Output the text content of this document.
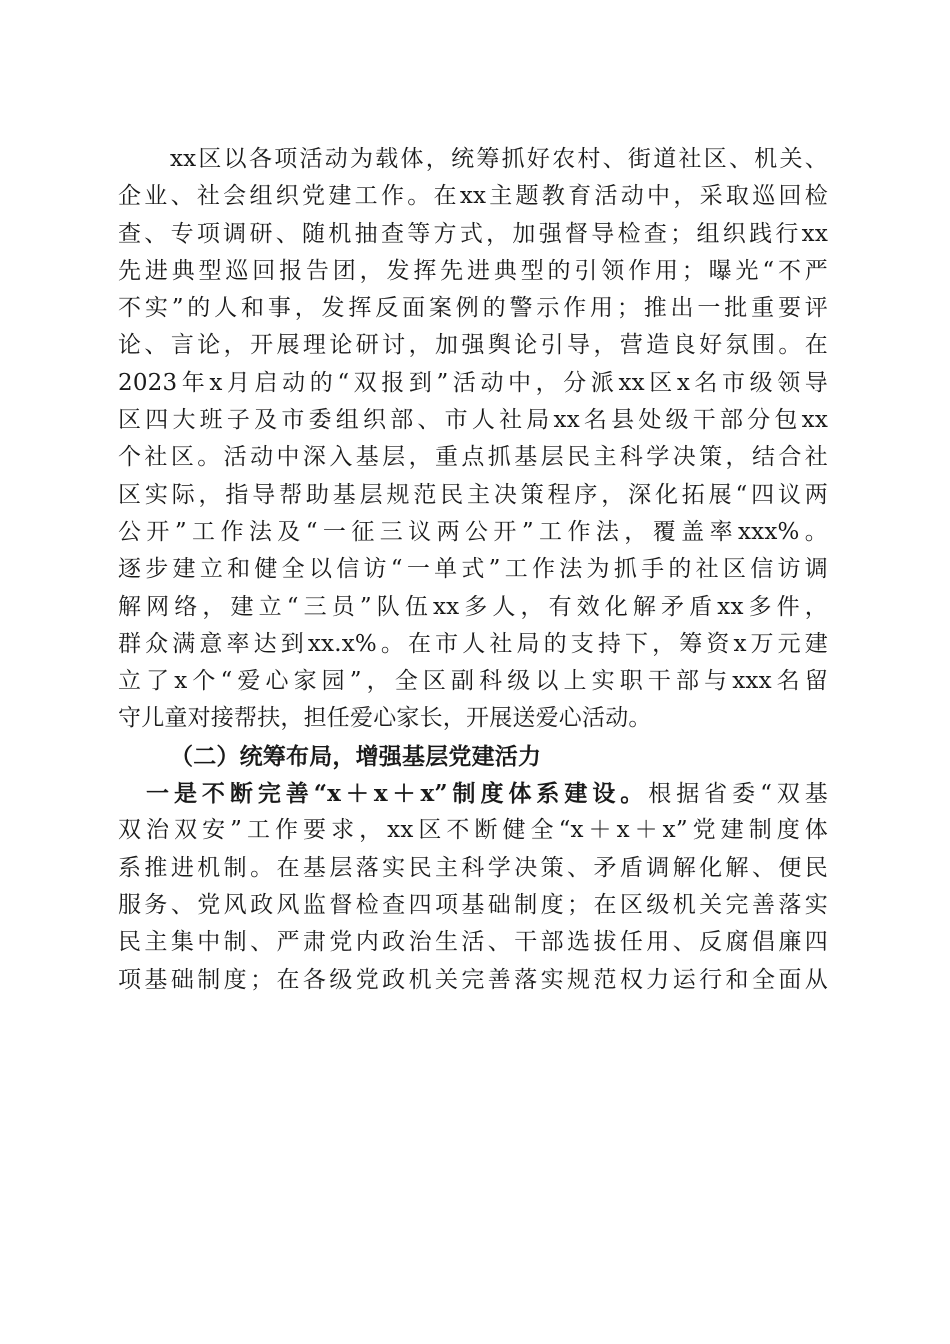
xx区以各项活动为载体，统筹抓好农村、街道社区、机关、
企业、社会组织党建工作。在xx主题教育活动中，采取巡回检
查、专项调研、随机抽查等方式，加强督导检查；组织践行xx
先进典型巡回报告团，发挥先进典型的引领作用；曝光“不严
不实”的人和事，发挥反面案例的警示作用；推出一批重要评
论、言论，开展理论研讨，加强舆论引导，营造良好氛围。在
2023年x月启动的“双报到”活动中，分派xx区x名市级领导
区四大班子及市委组织部、市人社局xx名县处级干部分包xx
个社区。活动中深入基层，重点抓基层民主科学决策，结合社
区实际，指导帮助基层规范民主决策程序，深化拓展“四议两
公开”工作法及“一征三议两公开”工作法，覆盖率xxx%。
逐步建立和健全以信访“一单式”工作法为抓手的社区信访调
解网络，建立“三员”队伍xx多人，有效化解矛盾xx多件，
群众满意率达到xx.x%。在市人社局的支持下，筹资x万元建
立了x个“爱心家园”，全区副科级以上实职干部与xxx名留
守儿童对接帮扶，担任爱心家长，开展送爱心活动。
（二）统筹布局，增强基层党建活力
一是不断完善“x＋x＋x”制度体系建设。根据省委“双基
双治双安”工作要求，xx区不断健全“x＋x＋x”党建制度体
系推进机制。在基层落实民主科学决策、矛盾调解化解、便民
服务、党风政风监督检查四项基础制度；在区级机关完善落实
民主集中制、严肃党内政治生活、干部选拔任用、反腐倡廉四
项基础制度；在各级党政机关完善落实规范权力运行和全面从
